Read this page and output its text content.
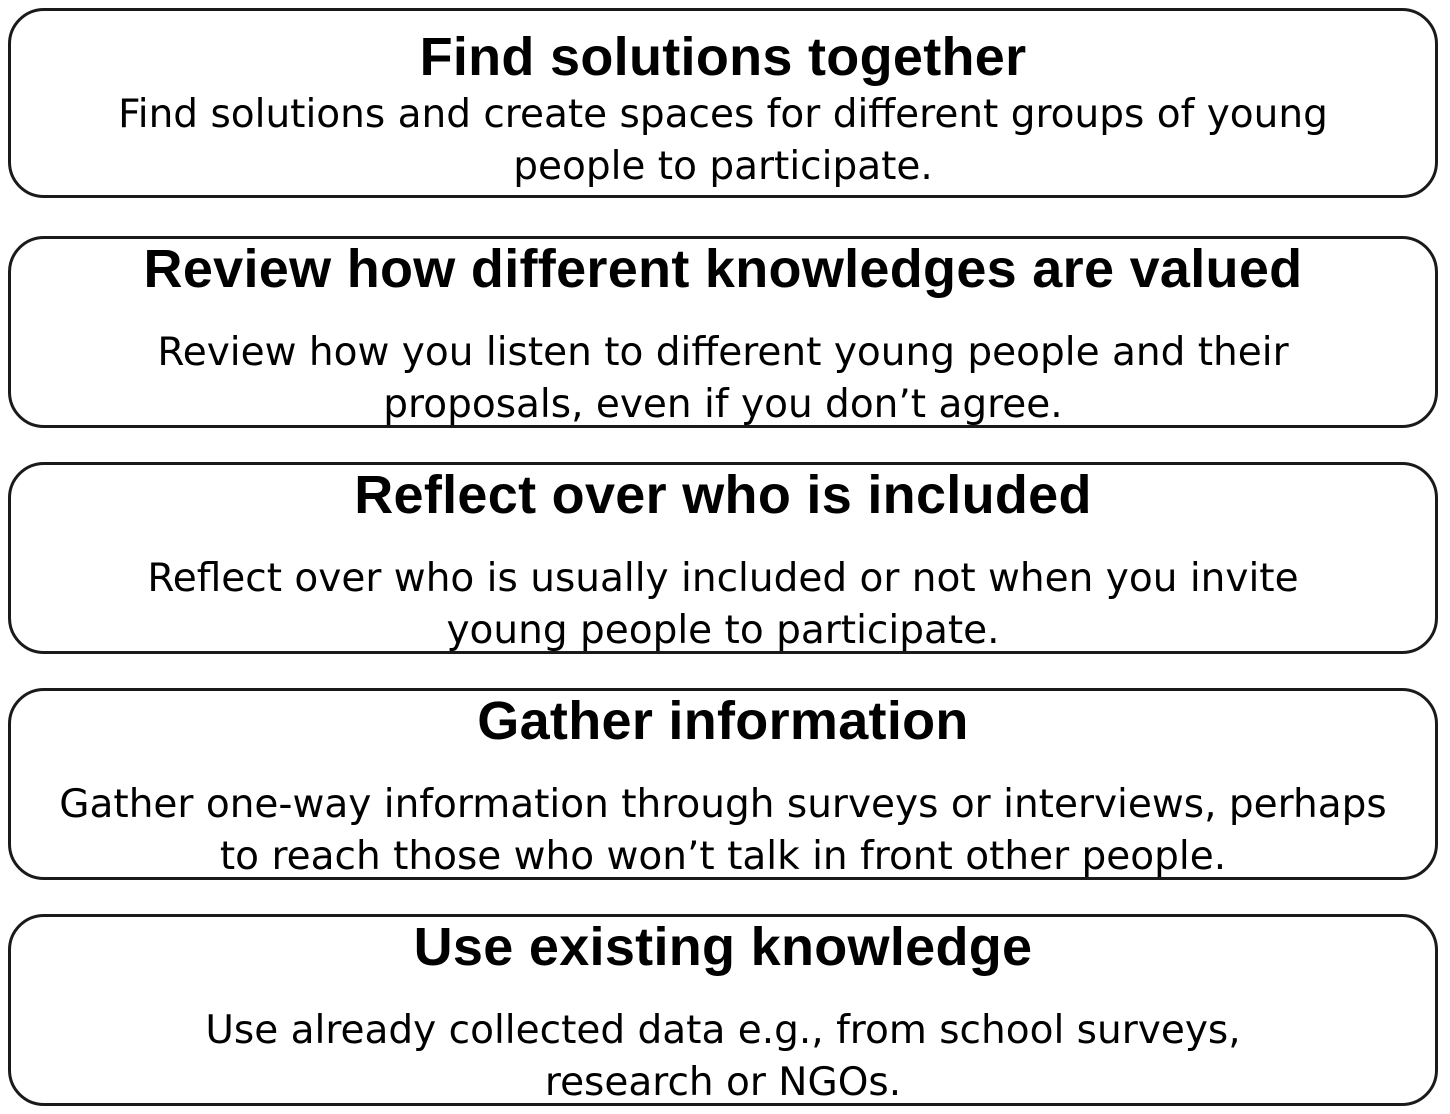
Find solutions together
Find solutions and create spaces for different groups of young people to participate.
Review how different knowledges are valued
Review how you listen to different young people and their proposals, even if you don’t agree.
Reflect over who is included
Reflect over who is usually included or not when you invite young people to participate.
Gather information
Gather one-way information through surveys or interviews, perhaps to reach those who won’t talk in front other people.
Use existing knowledge
Use already collected data e.g., from school surveys, research or NGOs.
